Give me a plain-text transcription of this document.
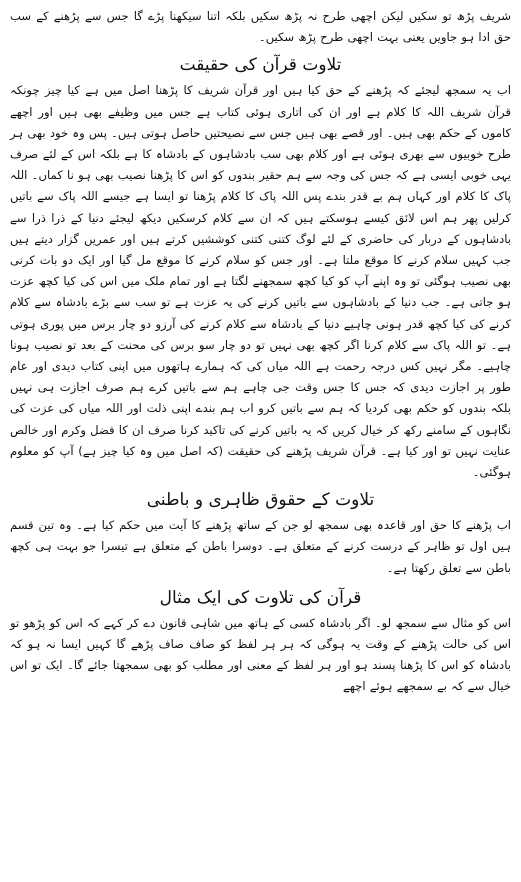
شریف پڑھ تو سکیں لیکن اچھی طرح نہ پڑھ سکیں بلکہ اتنا سیکھنا پڑے گا جس سے پڑھنے کے سب حق ادا ہو جاویں یعنی بہت اچھی طرح پڑھ سکیں۔

تلاوت قرآن کی حقیقت

اب یہ سمجھ لیجئے کہ پڑھنے کے حق کیا ہیں اور قرآن شریف کا پڑھنا اصل میں ہے کیا چیز چونکہ قرآن شریف اللہ کا کلام ہے اور ان کی اتاری ہوئی کتاب ہے جس میں وظیفے بھی ہیں اور اچھے کاموں کے حکم بھی ہیں۔ اور قصے بھی ہیں جس سے نصیحتیں حاصل ہوتی ہیں۔ پس وہ خود بھی ہر طرح خوبیوں سے بھری ہوئی ہے اور کلام بھی سب بادشاہوں کے بادشاہ کا ہے بلکہ اس کے لئے صرف یہی خوبی ایسی ہے کہ جس کی وجہ سے ہم حقیر بندوں کو اس کا پڑھنا نصیب بھی ہو نا کماں۔ اللہ پاک کا کلام اور کہاں ہم بے قدر بندے پس اللہ پاک کا کلام پڑھنا تو ایسا ہے جیسے اللہ پاک سے باتیں کرلیں پھر ہم اس لائق کیسے ہوسکتے ہیں کہ ان سے کلام کرسکیں دیکھ لیجئے دنیا کے ذرا ذرا سے بادشاہوں کے دربار کی حاضری کے لئے لوگ کتنی کتنی کوششیں کرتے ہیں اور عمریں گزار دیتے ہیں جب کہیں سلام کرنے کا موقع ملتا ہے۔ اور جس کو سلام کرنے کا موقع مل گیا اور ایک دو بات کرنی بھی نصیب ہوگئی تو وہ اپنے آپ کو کیا کچھ سمجھنے لگتا ہے اور تمام ملک میں اس کی کیا کچھ عزت ہو جاتی ہے۔ جب دنیا کے بادشاہوں سے باتیں کرنے کی یہ عزت ہے تو سب سے بڑے بادشاہ سے کلام کرنے کی کیا کچھ قدر ہونی چاہیے دنیا کے بادشاہ سے کلام کرنے کی آرزو دو چار برس میں پوری ہوتی ہے۔ تو اللہ پاک سے کلام کرنا اگر کچھ بھی نہیں تو دو چار سو برس کی محنت کے بعد تو نصیب ہونا چاہیے۔ مگر نہیں کس درجہ رحمت ہے اللہ میاں کی کہ ہمارے ہاتھوں میں اپنی کتاب دیدی اور عام طور پر اجازت دیدی کہ جس کا جس وقت جی چاہے ہم سے باتیں کرے ہم صرف اجازت ہی نہیں بلکہ بندوں کو حکم بھی کردیا کہ ہم سے باتیں کرو اب ہم بندے اپنی ذلت اور اللہ میاں کی عزت کی نگاہوں کے سامنے رکھ کر خیال کریں کہ یہ باتیں کرنے کی تاکید کرنا صرف ان کا فضل وکرم اور خالص عنایت نہیں تو اور کیا ہے۔ قرآن شریف پڑھنے کی حقیقت (کہ اصل میں وہ کیا چیز ہے) آپ کو معلوم ہوگئی۔

تلاوت کے حقوق ظاہری و باطنی

اب پڑھنے کا حق اور قاعدہ بھی سمجھ لو جن کے ساتھ پڑھنے کا آیت میں حکم کیا ہے۔ وہ تین قسم ہیں اول تو ظاہر کے درست کرنے کے متعلق ہے۔ دوسرا باطن کے متعلق ہے تیسرا جو بہت ہی کچھ باطن سے تعلق رکھتا ہے۔

قرآن کی تلاوت کی ایک مثال

اس کو مثال سے سمجھ لو۔ اگر بادشاہ کسی کے ہاتھ میں شاہی قانون دے کر کہے کہ اس کو پڑھو تو اس کی حالت پڑھنے کے وقت یہ ہوگی کہ ہر ہر لفظ کو صاف صاف پڑھے گا کہیں ایسا نہ ہو کہ بادشاہ کو اس کا پڑھنا پسند ہو اور ہر لفظ کے معنی اور مطلب کو بھی سمجھتا جائے گا۔ ایک تو اس خیال سے کہ بے سمجھے ہوئے اچھے
